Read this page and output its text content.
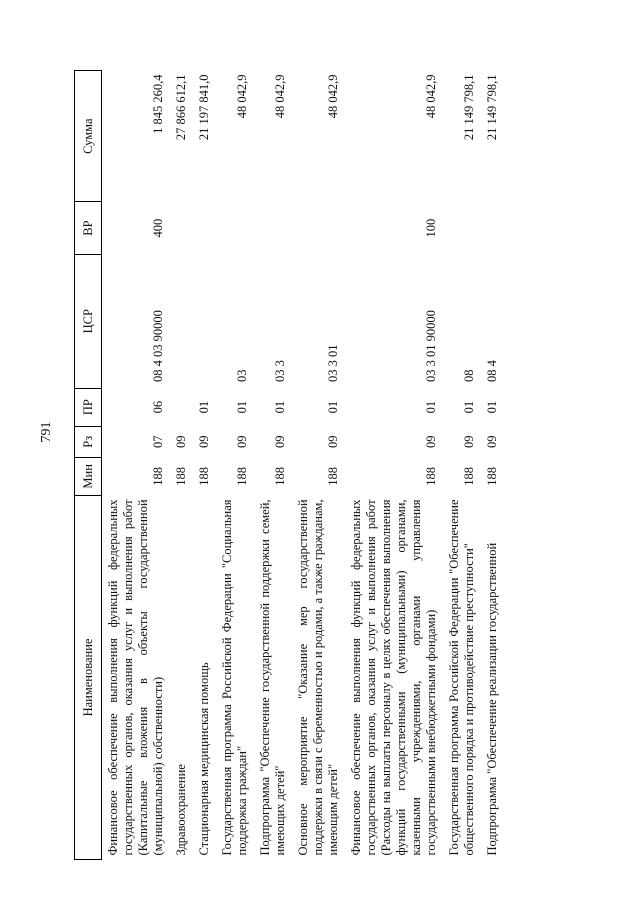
791
Наименование	Мин	Рз	ПР	ЦСР	ВР	Сумма
Финансовое обеспечение выполнения функций федеральных государственных органов, оказания услуг и выполнения работ (Капитальные вложения в объекты государственной (муниципальной) собственности)	188	07	06	08 4 03 90000	400	1 845 260,4
Здравоохранение	188	09				27 866 612,1
Стационарная медицинская помощь	188	09	01			21 197 841,0
Государственная программа Российской Федерации "Социальная поддержка граждан"	188	09	01	03		48 042,9
Подпрограмма "Обеспечение государственной поддержки семей, имеющих детей"	188	09	01	03 3		48 042,9
Основное мероприятие "Оказание мер государственной поддержки в связи с беременностью и родами, а также гражданам, имеющим детей"	188	09	01	03 3 01		48 042,9
Финансовое обеспечение выполнения функций федеральных государственных органов, оказания услуг и выполнения работ (Расходы на выплаты персоналу в целях обеспечения выполнения функций государственными (муниципальными) органами, казенными учреждениями, органами управления государственными внебюджетными фондами)	188	09	01	03 3 01 90000	100	48 042,9
Государственная программа Российской Федерации "Обеспечение общественного порядка и противодействие преступности"	188	09	01	08		21 149 798,1
Подпрограмма "Обеспечение реализации государственной	188	09	01	08 4		21 149 798,1
